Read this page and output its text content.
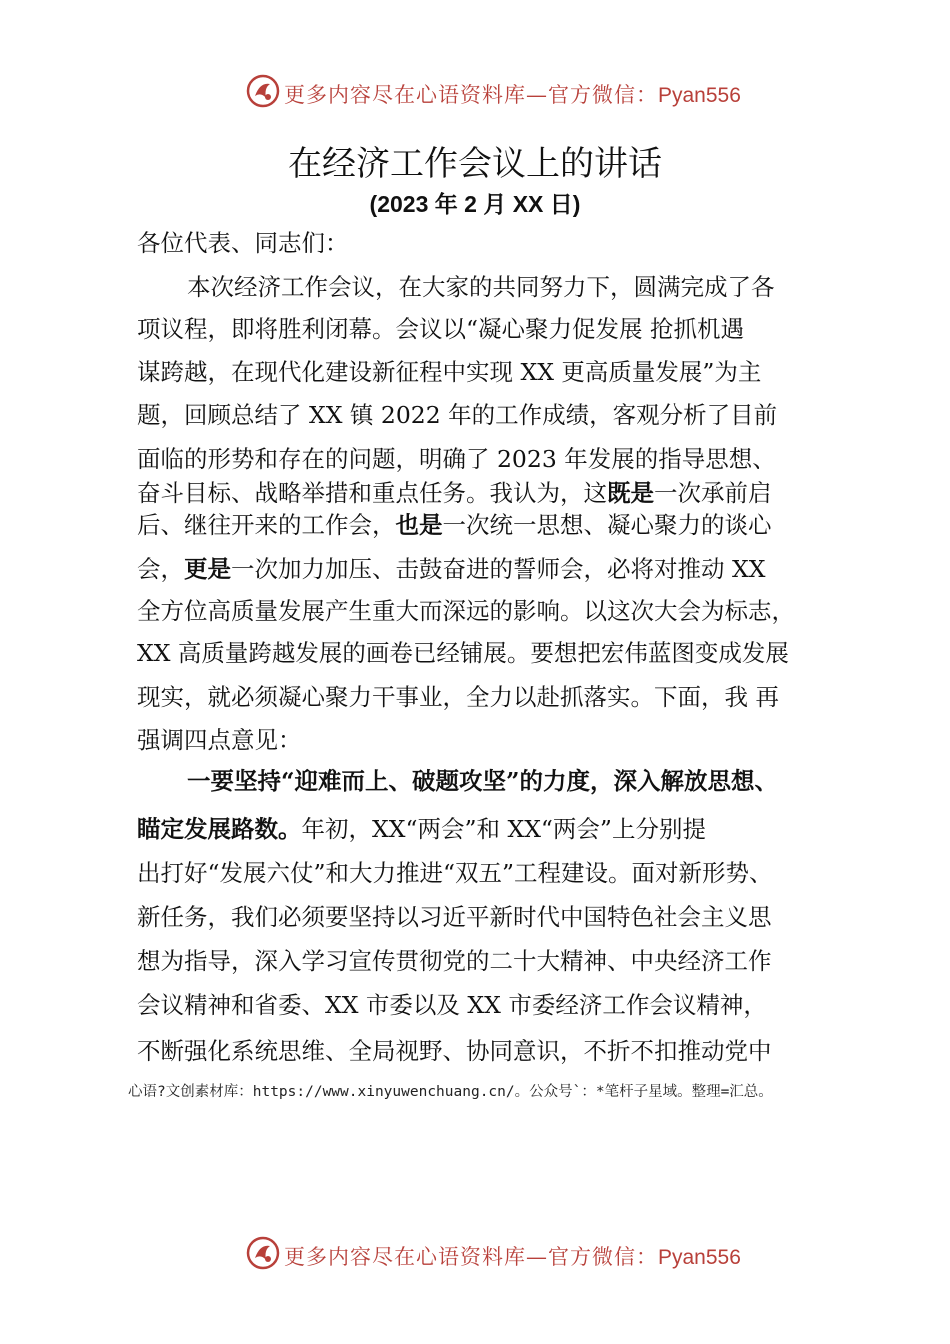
更多内容尽在心语资料库—官方微信：Pyan556
在经济工作会议上的讲话
(2023 年 2 月 XX 日)
各位代表、同志们：
本次经济工作会议，在大家的共同努力下，圆满完成了各
项议程，即将胜利闭幕。会议以“凝心聚力促发展 抢抓机遇
谋跨越，在现代化建设新征程中实现 XX 更高质量发展”为主
题，回顾总结了 XX 镇 2022 年的工作成绩，客观分析了目前
面临的形势和存在的问题，明确了 2023 年发展的指导思想、
奋斗目标、战略举措和重点任务。我认为，这既是一次承前启
后、继往开来的工作会，也是一次统一思想、凝心聚力的谈心
会，更是一次加力加压、击鼓奋进的誓师会，必将对推动 XX
全方位高质量发展产生重大而深远的影响。以这次大会为标志，
XX 高质量跨越发展的画卷已经铺展。要想把宏伟蓝图变成发展
现实，就必须凝心聚力干事业，全力以赴抓落实。下面，我 再
强调四点意见：
一要坚持“迎难而上、破题攻坚”的力度，深入解放思想、
瞄定发展路数。年初，XX“两会”和 XX“两会”上分别提
出打好“发展六仗”和大力推进“双五”工程建设。面对新形势、
新任务，我们必须要坚持以习近平新时代中国特色社会主义思
想为指导，深入学习宣传贯彻党的二十大精神、中央经济工作
会议精神和省委、XX 市委以及 XX 市委经济工作会议精神，
不断强化系统思维、全局视野、协同意识，不折不扣推动党中
心语?文创素材库：https://www.xinyuwenchuang.cn/。公众号`：*笔杆子星域。整理=汇总。
更多内容尽在心语资料库—官方微信：Pyan556
